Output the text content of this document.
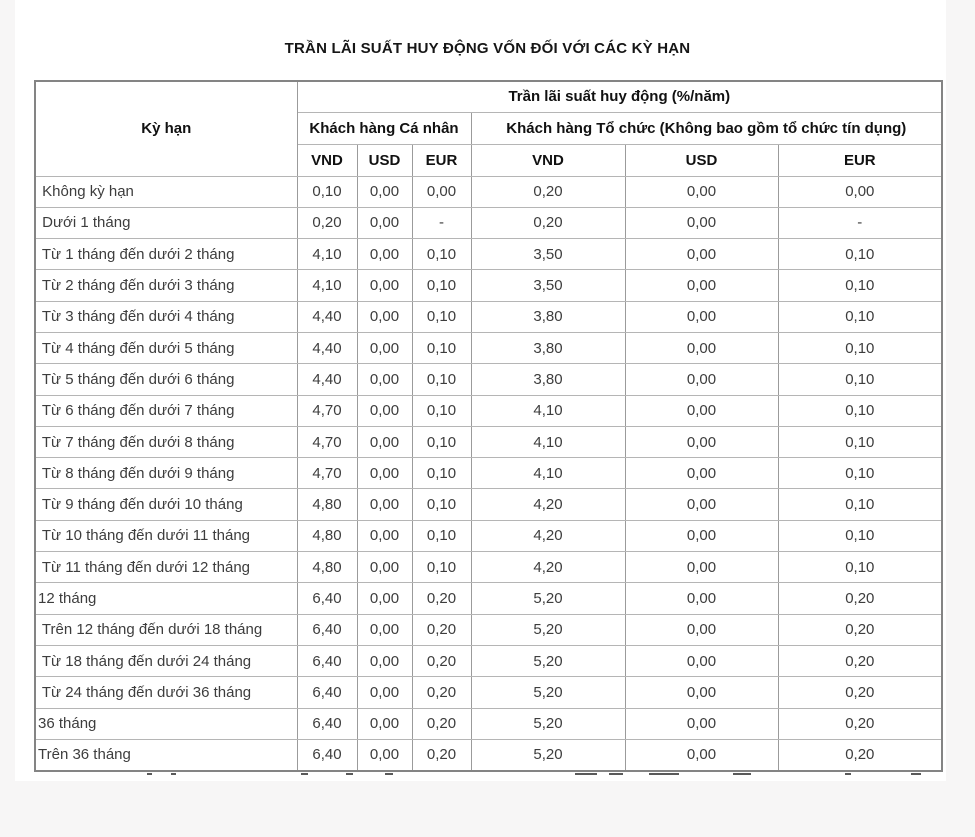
TRẦN LÃI SUẤT HUY ĐỘNG VỐN ĐỐI VỚI CÁC KỲ HẠN
Kỳ hạn	Trần lãi suất huy động (%/năm)					
	Khách hàng Cá nhân			Khách hàng Tổ chức (Không bao gồm tổ chức tín dụng)		
	VND	USD	EUR	VND	USD	EUR
Không kỳ hạn	0,10	0,00	0,00	0,20	0,00	0,00
Dưới 1 tháng	0,20	0,00	-	0,20	0,00	-
Từ 1 tháng đến dưới 2 tháng	4,10	0,00	0,10	3,50	0,00	0,10
Từ 2 tháng đến dưới 3 tháng	4,10	0,00	0,10	3,50	0,00	0,10
Từ 3 tháng đến dưới 4 tháng	4,40	0,00	0,10	3,80	0,00	0,10
Từ 4 tháng đến dưới 5 tháng	4,40	0,00	0,10	3,80	0,00	0,10
Từ 5 tháng đến dưới 6 tháng	4,40	0,00	0,10	3,80	0,00	0,10
Từ 6 tháng đến dưới 7 tháng	4,70	0,00	0,10	4,10	0,00	0,10
Từ 7 tháng đến dưới 8 tháng	4,70	0,00	0,10	4,10	0,00	0,10
Từ 8 tháng đến dưới 9 tháng	4,70	0,00	0,10	4,10	0,00	0,10
Từ 9 tháng đến dưới 10 tháng	4,80	0,00	0,10	4,20	0,00	0,10
Từ 10 tháng đến dưới 11 tháng	4,80	0,00	0,10	4,20	0,00	0,10
Từ 11 tháng đến dưới 12 tháng	4,80	0,00	0,10	4,20	0,00	0,10
12 tháng	6,40	0,00	0,20	5,20	0,00	0,20
Trên 12 tháng đến dưới 18 tháng	6,40	0,00	0,20	5,20	0,00	0,20
Từ 18 tháng đến dưới 24 tháng	6,40	0,00	0,20	5,20	0,00	0,20
Từ 24 tháng đến dưới 36 tháng	6,40	0,00	0,20	5,20	0,00	0,20
36 tháng	6,40	0,00	0,20	5,20	0,00	0,20
Trên 36 tháng	6,40	0,00	0,20	5,20	0,00	0,20
